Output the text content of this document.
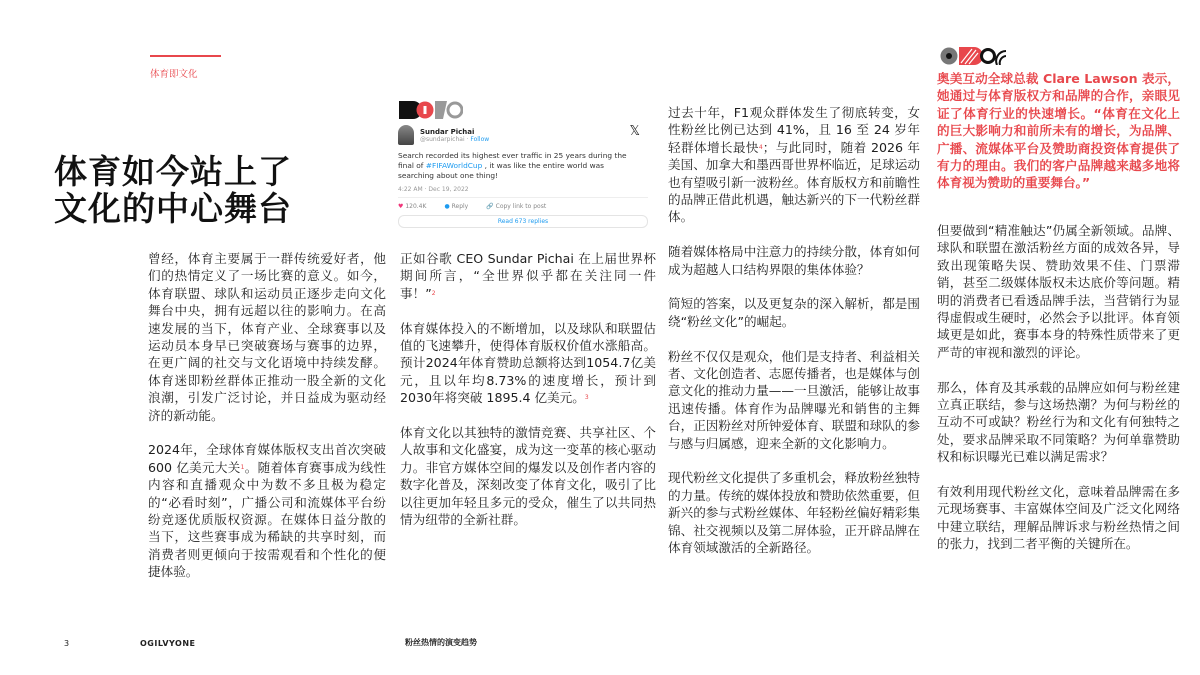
体育即文化
体育如今站上了
文化的中心舞台

曾经，体育主要属于一群传统爱好者，他们的热情定义了一场比赛的意义。如今，体育联盟、球队和运动员正逐步走向文化舞台中央，拥有远超以往的影响力。在高速发展的当下，体育产业、全球赛事以及运动员本身早已突破赛场与赛事的边界，在更广阔的社交与文化语境中持续发酵。体育迷即粉丝群体正推动一股全新的文化浪潮，引发广泛讨论，并日益成为驱动经济的新动能。

2024年，全球体育媒体版权支出首次突破 600 亿美元大关$^1$。随着体育赛事成为线性内容和直播观众中为数不多且极为稳定的“必看时刻”，广播公司和流媒体平台纷纷竞逐优质版权资源。在媒体日益分散的当下，这些赛事成为稀缺的共享时刻，而消费者则更倾向于按需观看和个性化的便捷体验。

Sundar Pichai
@sundarpichai · Follow	𝕏
Search recorded its highest ever traffic in 25 years during the final of #FIFAWorldCup , it was like the entire world was searching about one thing!
4:22 AM · Dec 19, 2022
♥ 120.4K	● Reply	🔗 Copy link to post
Read 673 replies

正如谷歌 CEO Sundar Pichai 在上届世界杯期间所言，“全世界似乎都在关注同一件事！”$^2$

体育媒体投入的不断增加，以及球队和联盟估值的飞速攀升，使得体育版权价值水涨船高。预计2024年体育赞助总额将达到1054.7亿美元，且以年均8.73%的速度增长，预计到2030年将突破 1895.4 亿美元。$^3$

体育文化以其独特的激情竞赛、共享社区、个人故事和文化盛宴，成为这一变革的核心驱动力。非官方媒体空间的爆发以及创作者内容的数字化普及，深刻改变了体育文化，吸引了比以往更加年轻且多元的受众，催生了以共同热情为纽带的全新社群。

过去十年，F1观众群体发生了彻底转变，女性粉丝比例已达到 41%，且 16 至 24 岁年轻群体增长最快$^4$；与此同时，随着 2026 年美国、加拿大和墨西哥世界杯临近，足球运动也有望吸引新一波粉丝。体育版权方和前瞻性的品牌正借此机遇，触达新兴的下一代粉丝群体。

随着媒体格局中注意力的持续分散，体育如何成为超越人口结构界限的集体体验？

简短的答案，以及更复杂的深入解析，都是围绕“粉丝文化”的崛起。

粉丝不仅仅是观众，他们是支持者、利益相关者、文化创造者、志愿传播者，也是媒体与创意文化的推动力量——一旦激活，能够让故事迅速传播。体育作为品牌曝光和销售的主舞台，正因粉丝对所钟爱体育、联盟和球队的参与感与归属感，迎来全新的文化影响力。

现代粉丝文化提供了多重机会，释放粉丝独特的力量。传统的媒体投放和赞助依然重要，但新兴的参与式粉丝媒体、年轻粉丝偏好精彩集锦、社交视频以及第二屏体验，正开辟品牌在体育领域激活的全新路径。

奥美互动全球总裁 Clare Lawson 表示，她通过与体育版权方和品牌的合作，亲眼见证了体育行业的快速增长。“体育在文化上的巨大影响力和前所未有的增长，为品牌、广播、流媒体平台及赞助商投资体育提供了有力的理由。我们的客户品牌越来越多地将体育视为赞助的重要舞台。”

但要做到“精准触达”仍属全新领域。品牌、球队和联盟在激活粉丝方面的成效各异，导致出现策略失误、赞助效果不佳、门票滞销，甚至二级媒体版权未达底价等问题。精明的消费者已看透品牌手法，当营销行为显得虚假或生硬时，必然会予以批评。体育领域更是如此，赛事本身的特殊性质带来了更严苛的审视和激烈的评论。

那么，体育及其承载的品牌应如何与粉丝建立真正联结，参与这场热潮？为何与粉丝的互动不可或缺？粉丝行为和文化有何独特之处，要求品牌采取不同策略？为何单靠赞助权和标识曝光已难以满足需求？

有效利用现代粉丝文化，意味着品牌需在多元现场赛事、丰富媒体空间及广泛文化网络中建立联结，理解品牌诉求与粉丝热情之间的张力，找到二者平衡的关键所在。

3	OGILVYONE	粉丝热情的演变趋势
